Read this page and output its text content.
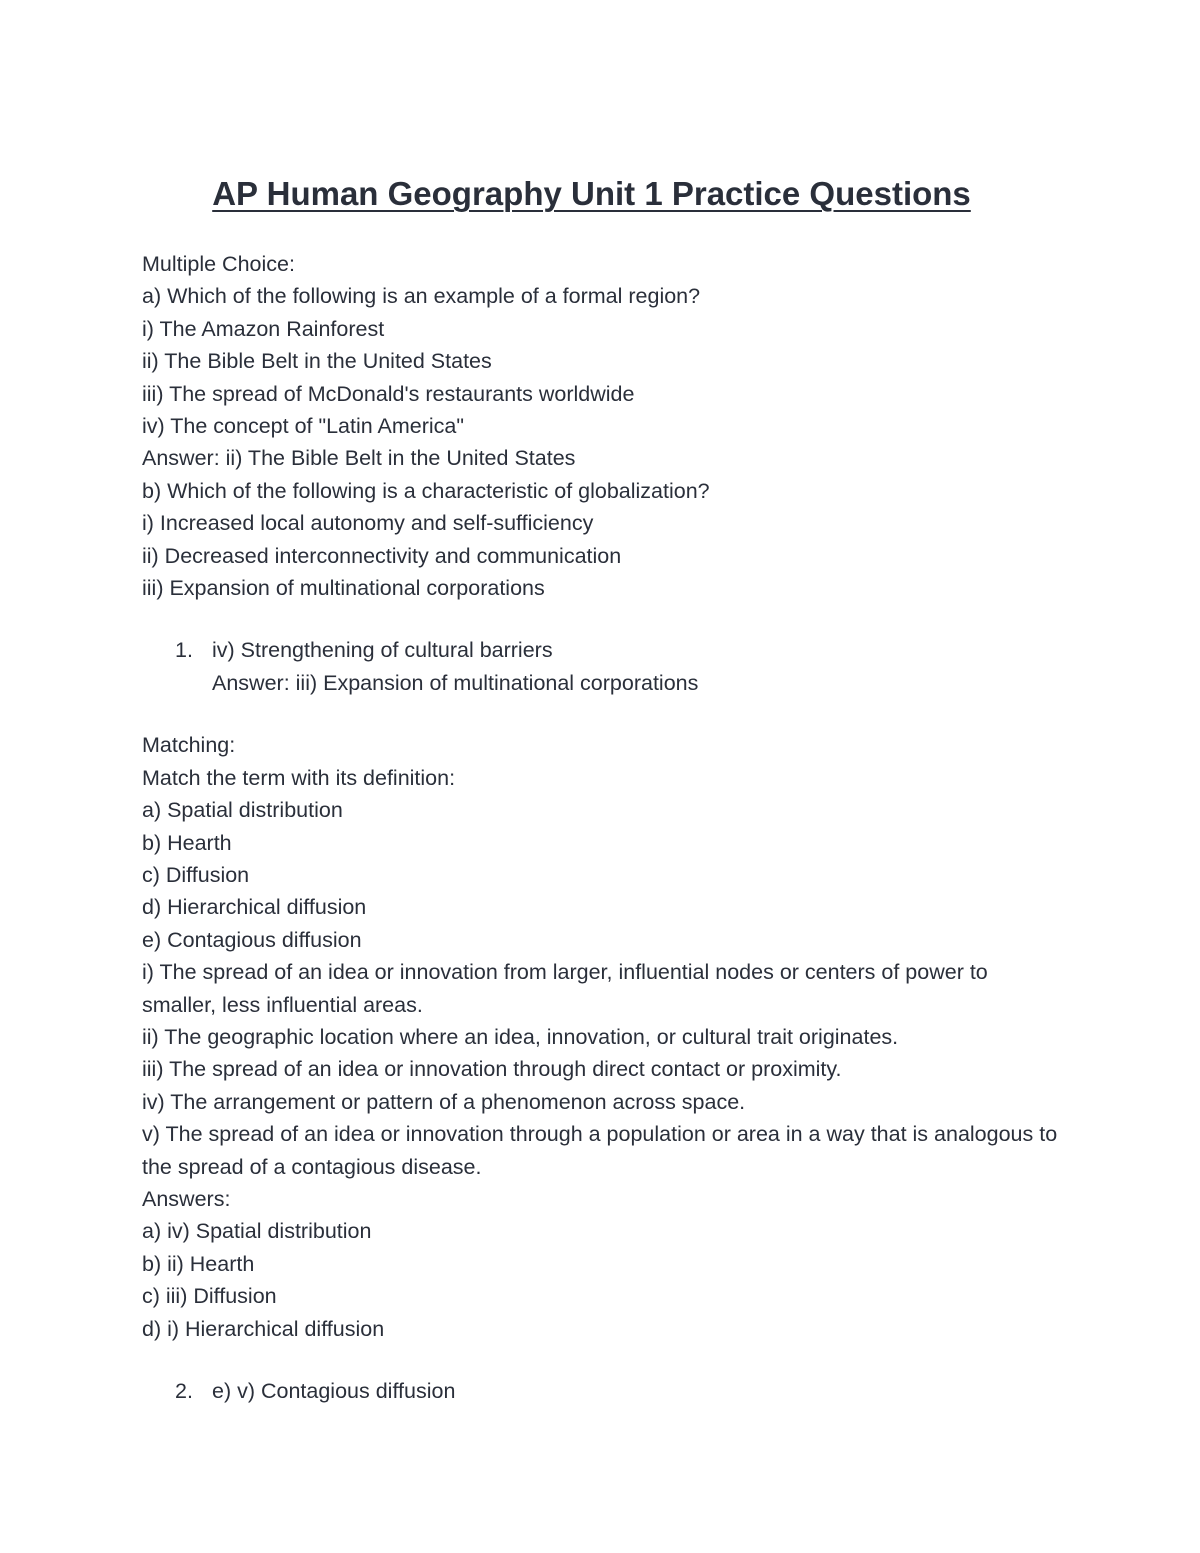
AP Human Geography Unit 1 Practice Questions
Multiple Choice:
a) Which of the following is an example of a formal region?
i) The Amazon Rainforest
ii) The Bible Belt in the United States
iii) The spread of McDonald's restaurants worldwide
iv) The concept of "Latin America"
Answer: ii) The Bible Belt in the United States
b) Which of the following is a characteristic of globalization?
i) Increased local autonomy and self-sufficiency
ii) Decreased interconnectivity and communication
iii) Expansion of multinational corporations
1. iv) Strengthening of cultural barriers
Answer: iii) Expansion of multinational corporations
Matching:
Match the term with its definition:
a) Spatial distribution
b) Hearth
c) Diffusion
d) Hierarchical diffusion
e) Contagious diffusion
i) The spread of an idea or innovation from larger, influential nodes or centers of power to smaller, less influential areas.
ii) The geographic location where an idea, innovation, or cultural trait originates.
iii) The spread of an idea or innovation through direct contact or proximity.
iv) The arrangement or pattern of a phenomenon across space.
v) The spread of an idea or innovation through a population or area in a way that is analogous to the spread of a contagious disease.
Answers:
a) iv) Spatial distribution
b) ii) Hearth
c) iii) Diffusion
d) i) Hierarchical diffusion
2. e) v) Contagious diffusion
